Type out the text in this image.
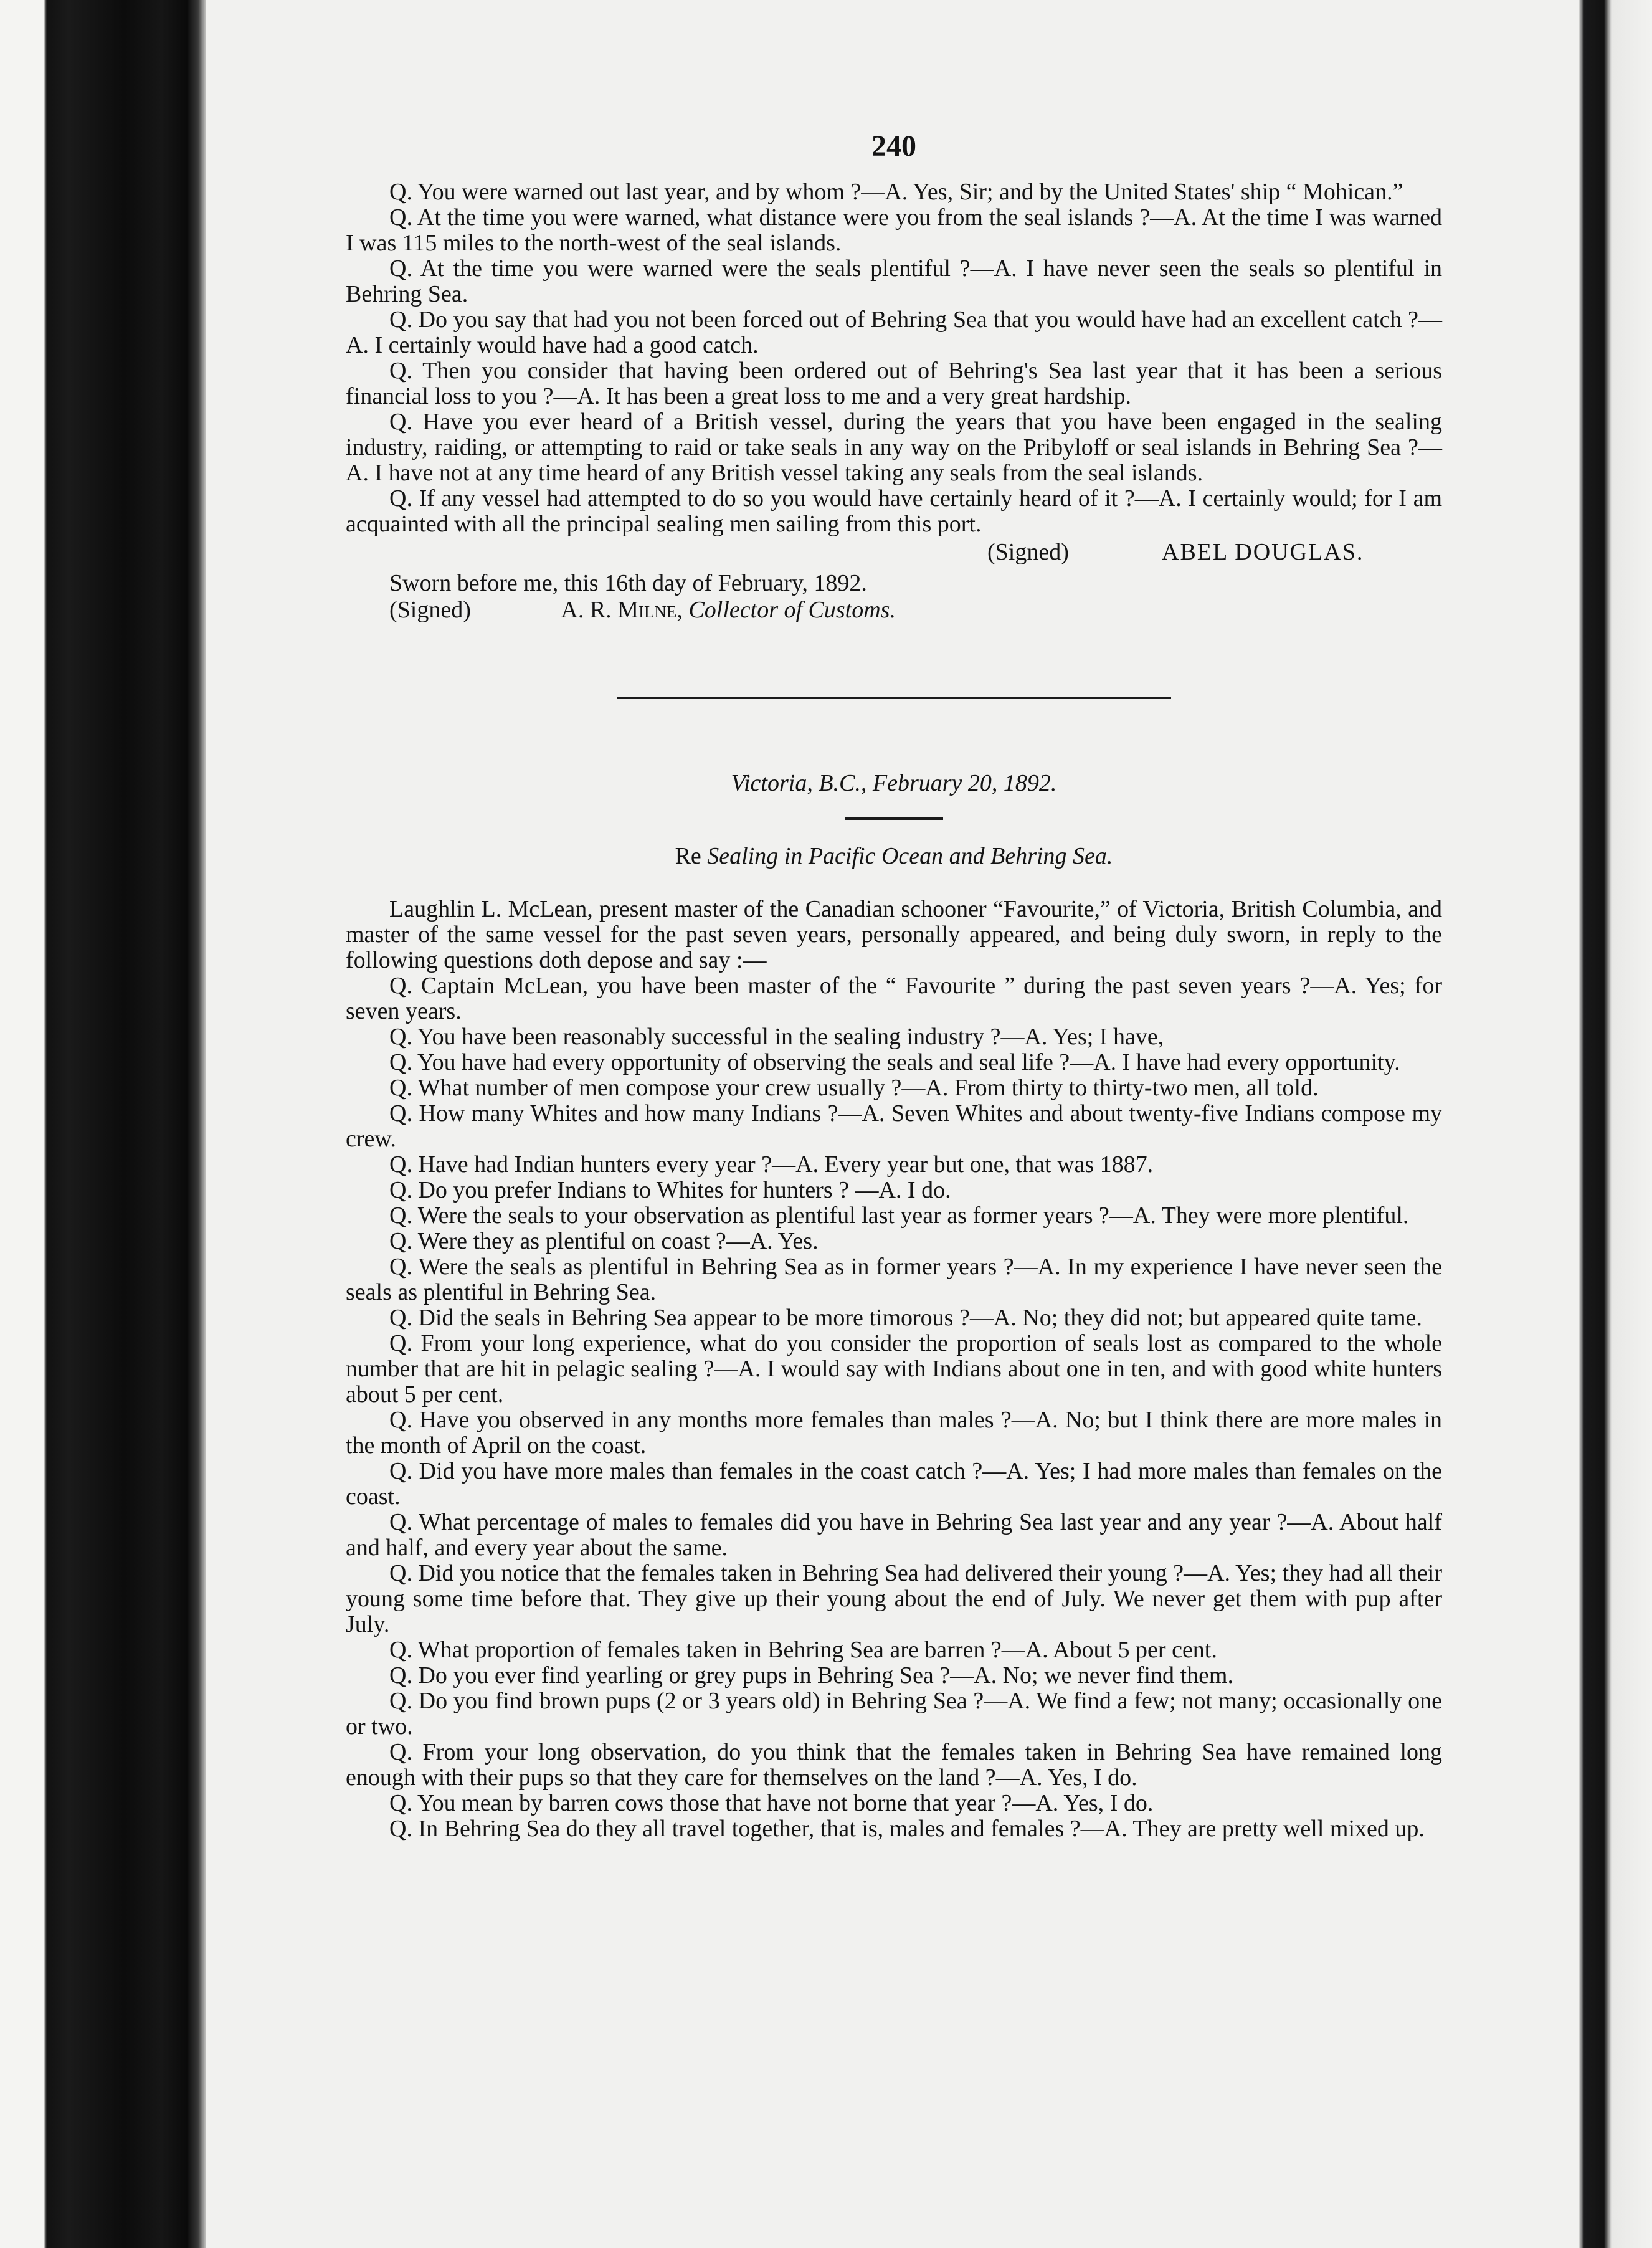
240

Q. You were warned out last year, and by whom ?—A. Yes, Sir; and by the United States' ship “ Mohican.”

Q. At the time you were warned, what distance were you from the seal islands ?—A. At the time I was warned I was 115 miles to the north-west of the seal islands.

Q. At the time you were warned were the seals plentiful ?—A. I have never seen the seals so plentiful in Behring Sea.

Q. Do you say that had you not been forced out of Behring Sea that you would have had an excellent catch ?—A. I certainly would have had a good catch.

Q. Then you consider that having been ordered out of Behring's Sea last year that it has been a serious financial loss to you ?—A. It has been a great loss to me and a very great hardship.

Q. Have you ever heard of a British vessel, during the years that you have been engaged in the sealing industry, raiding, or attempting to raid or take seals in any way on the Pribyloff or seal islands in Behring Sea ?—A. I have not at any time heard of any British vessel taking any seals from the seal islands.

Q. If any vessel had attempted to do so you would have certainly heard of it ?—A. I certainly would; for I am acquainted with all the principal sealing men sailing from this port.

(Signed)	ABEL DOUGLAS.
Sworn before me, this 16th day of February, 1892.
(Signed)	A. R. Milne, Collector of Customs.
Victoria, B.C., February 20, 1892.
Re Sealing in Pacific Ocean and Behring Sea.

Laughlin L. McLean, present master of the Canadian schooner “Favourite,” of Victoria, British Columbia, and master of the same vessel for the past seven years, personally appeared, and being duly sworn, in reply to the following questions doth depose and say :—

Q. Captain McLean, you have been master of the “ Favourite ” during the past seven years ?—A. Yes; for seven years.

Q. You have been reasonably successful in the sealing industry ?—A. Yes; I have,

Q. You have had every opportunity of observing the seals and seal life ?—A. I have had every opportunity.

Q. What number of men compose your crew usually ?—A. From thirty to thirty-two men, all told.

Q. How many Whites and how many Indians ?—A. Seven Whites and about twenty-five Indians compose my crew.

Q. Have had Indian hunters every year ?—A. Every year but one, that was 1887.

Q. Do you prefer Indians to Whites for hunters ? —A. I do.

Q. Were the seals to your observation as plentiful last year as former years ?—A. They were more plentiful.

Q. Were they as plentiful on coast ?—A. Yes.

Q. Were the seals as plentiful in Behring Sea as in former years ?—A. In my experience I have never seen the seals as plentiful in Behring Sea.

Q. Did the seals in Behring Sea appear to be more timorous ?—A. No; they did not; but appeared quite tame.

Q. From your long experience, what do you consider the proportion of seals lost as compared to the whole number that are hit in pelagic sealing ?—A. I would say with Indians about one in ten, and with good white hunters about 5 per cent.

Q. Have you observed in any months more females than males ?—A. No; but I think there are more males in the month of April on the coast.

Q. Did you have more males than females in the coast catch ?—A. Yes; I had more males than females on the coast.

Q. What percentage of males to females did you have in Behring Sea last year and any year ?—A. About half and half, and every year about the same.

Q. Did you notice that the females taken in Behring Sea had delivered their young ?—A. Yes; they had all their young some time before that. They give up their young about the end of July. We never get them with pup after July.

Q. What proportion of females taken in Behring Sea are barren ?—A. About 5 per cent.

Q. Do you ever find yearling or grey pups in Behring Sea ?—A. No; we never find them.

Q. Do you find brown pups (2 or 3 years old) in Behring Sea ?—A. We find a few; not many; occasionally one or two.

Q. From your long observation, do you think that the females taken in Behring Sea have remained long enough with their pups so that they care for themselves on the land ?—A. Yes, I do.

Q. You mean by barren cows those that have not borne that year ?—A. Yes, I do.

Q. In Behring Sea do they all travel together, that is, males and females ?—A. They are pretty well mixed up.
